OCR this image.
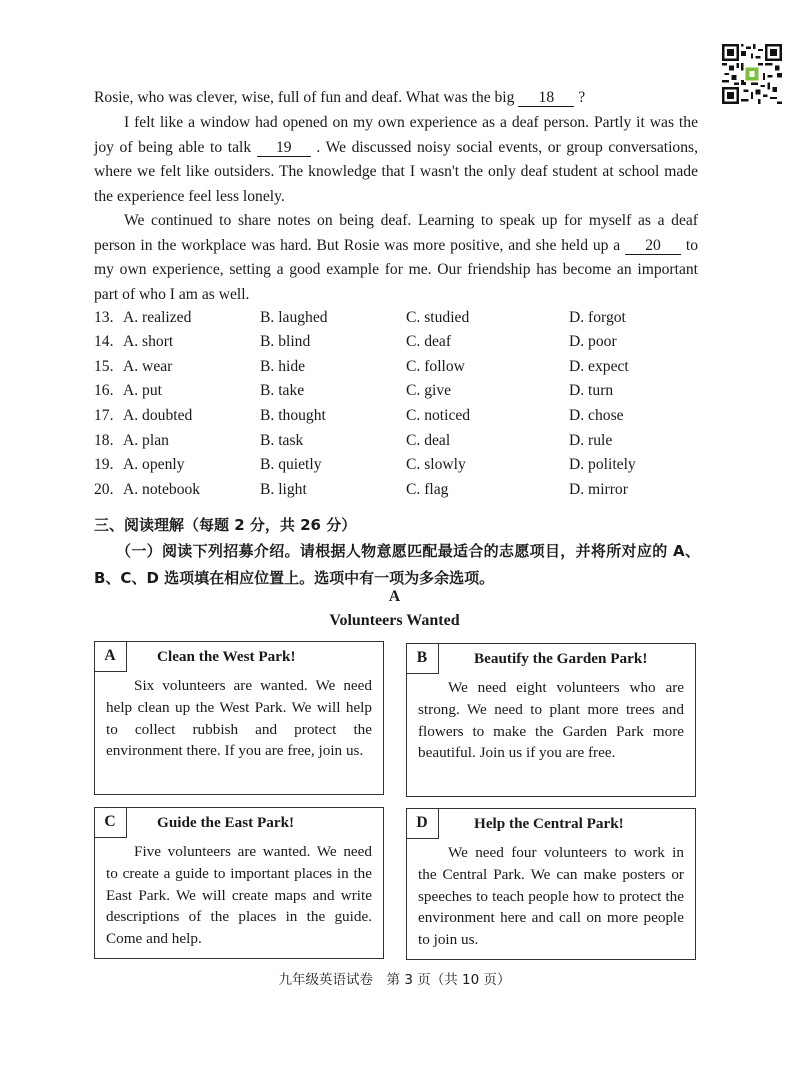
Rosie, who was clever, wise, full of fun and deaf. What was the big 18 ?
I felt like a window had opened on my own experience as a deaf person. Partly it was the joy of being able to talk 19 . We discussed noisy social events, or group conversations, where we felt like outsiders. The knowledge that I wasn't the only deaf student at school made the experience feel less lonely.
We continued to share notes on being deaf. Learning to speak up for myself as a deaf person in the workplace was hard. But Rosie was more positive, and she held up a 20 to my own experience, setting a good example for me. Our friendship has become an important part of who I am as well.
13. A. realized	B. laughed	C. studied	D. forgot
14. A. short	B. blind	C. deaf	D. poor
15. A. wear	B. hide	C. follow	D. expect
16. A. put	B. take	C. give	D. turn
17. A. doubted	B. thought	C. noticed	D. chose
18. A. plan	B. task	C. deal	D. rule
19. A. openly	B. quietly	C. slowly	D. politely
20. A. notebook	B. light	C. flag	D. mirror
三、阅读理解（每题 2 分，共 26 分）
（一）阅读下列招募介绍。请根据人物意愿匹配最适合的志愿项目，并将所对应的 A、B、C、D 选项填在相应位置上。选项中有一项为多余选项。
A
Volunteers Wanted
A	Clean the West Park!
Six volunteers are wanted. We need help clean up the West Park. We will help to collect rubbish and protect the environment there. If you are free, join us.
B	Beautify the Garden Park!
We need eight volunteers who are strong. We need to plant more trees and flowers to make the Garden Park more beautiful. Join us if you are free.
C	Guide the East Park!
Five volunteers are wanted. We need to create a guide to important places in the East Park. We will create maps and write descriptions of the places in the guide. Come and help.
D	Help the Central Park!
We need four volunteers to work in the Central Park. We can make posters or speeches to teach people how to protect the environment here and call on more people to join us.
九年级英语试卷　第 3 页（共 10 页）
